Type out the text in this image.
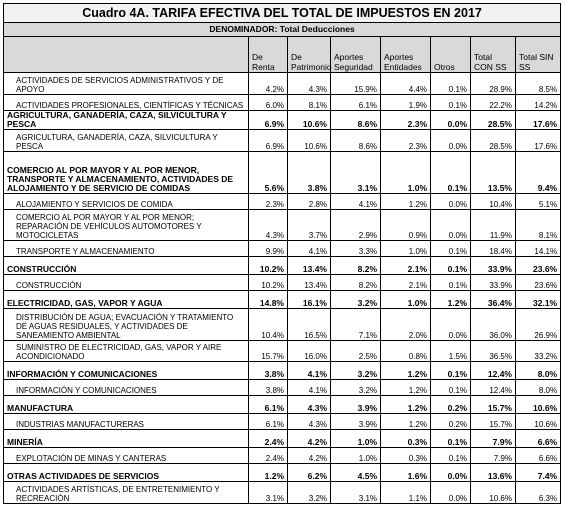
Cuadro 4A. TARIFA EFECTIVA DEL TOTAL DE IMPUESTOS EN 2017							
DENOMINADOR: Total Deducciones							
	De Renta	De Patrimonio	Aportes Seguridad	Aportes Entidades	Otros	Total CON SS	Total SIN SS
ACTIVIDADES DE SERVICIOS ADMINISTRATIVOS Y DE APOYO	4.2%	4.3%	15.9%	4.4%	0.1%	28.9%	8.5%
ACTIVIDADES PROFESIONALES, CIENTÍFICAS Y TÉCNICAS	6.0%	8.1%	6.1%	1.9%	0.1%	22.2%	14.2%
AGRICULTURA, GANADERÍA, CAZA, SILVICULTURA Y PESCA	6.9%	10.6%	8.6%	2.3%	0.0%	28.5%	17.6%
AGRICULTURA, GANADERÍA, CAZA, SILVICULTURA Y PESCA	6.9%	10.6%	8.6%	2.3%	0.0%	28.5%	17.6%
COMERCIO AL POR MAYOR Y AL POR MENOR, TRANSPORTE Y ALMACENAMIENTO, ACTIVIDADES DE ALOJAMIENTO Y DE SERVICIO DE COMIDAS	5.6%	3.8%	3.1%	1.0%	0.1%	13.5%	9.4%
ALOJAMIENTO Y SERVICIOS DE COMIDA	2.3%	2.8%	4.1%	1.2%	0.0%	10.4%	5.1%
COMERCIO AL POR MAYOR Y AL POR MENOR; REPARACIÓN DE VEHÍCULOS AUTOMOTORES Y MOTOCICLETAS	4.3%	3.7%	2.9%	0.9%	0.0%	11.9%	8.1%
TRANSPORTE Y ALMACENAMIENTO	9.9%	4.1%	3.3%	1.0%	0.1%	18.4%	14.1%
CONSTRUCCIÓN	10.2%	13.4%	8.2%	2.1%	0.1%	33.9%	23.6%
CONSTRUCCIÓN	10.2%	13.4%	8.2%	2.1%	0.1%	33.9%	23.6%
ELECTRICIDAD, GAS, VAPOR Y AGUA	14.8%	16.1%	3.2%	1.0%	1.2%	36.4%	32.1%
DISTRIBUCIÓN DE AGUA; EVACUACIÓN Y TRATAMIENTO DE AGUAS RESIDUALES, Y ACTIVIDADES DE SANEAMIENTO AMBIENTAL	10.4%	16.5%	7.1%	2.0%	0.0%	36.0%	26.9%
SUMINISTRO DE ELECTRICIDAD, GAS, VAPOR Y AIRE ACONDICIONADO	15.7%	16.0%	2.5%	0.8%	1.5%	36.5%	33.2%
INFORMACIÓN Y COMUNICACIONES	3.8%	4.1%	3.2%	1.2%	0.1%	12.4%	8.0%
INFORMACIÓN Y COMUNICACIONES	3.8%	4.1%	3.2%	1.2%	0.1%	12.4%	8.0%
MANUFACTURA	6.1%	4.3%	3.9%	1.2%	0.2%	15.7%	10.6%
INDUSTRIAS MANUFACTURERAS	6.1%	4.3%	3.9%	1.2%	0.2%	15.7%	10.6%
MINERÍA	2.4%	4.2%	1.0%	0.3%	0.1%	7.9%	6.6%
EXPLOTACIÓN DE MINAS Y CANTERAS	2.4%	4.2%	1.0%	0.3%	0.1%	7.9%	6.6%
OTRAS ACTIVIDADES DE SERVICIOS	1.2%	6.2%	4.5%	1.6%	0.0%	13.6%	7.4%
ACTIVIDADES ARTÍSTICAS, DE ENTRETENIMIENTO Y RECREACIÓN	3.1%	3.2%	3.1%	1.1%	0.0%	10.6%	6.3%
